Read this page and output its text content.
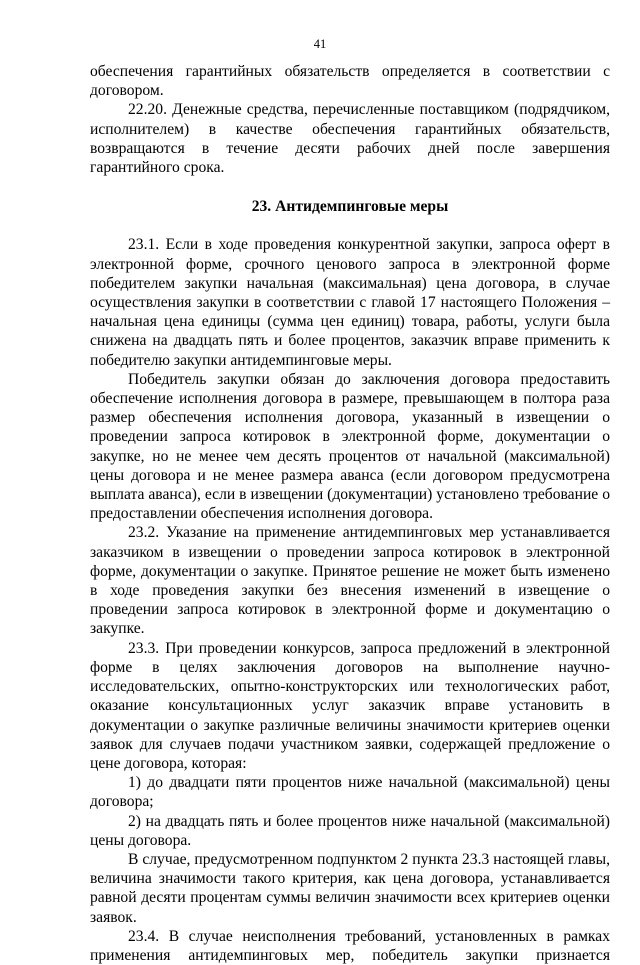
41

обеспечения гарантийных обязательств определяется в соответствии с договором.

22.20. Денежные средства, перечисленные поставщиком (подрядчиком, исполнителем) в качестве обеспечения гарантийных обязательств, возвращаются в течение десяти рабочих дней после завершения гарантийного срока.

23. Антидемпинговые меры

23.1. Если в ходе проведения конкурентной закупки, запроса оферт в электронной форме, срочного ценового запроса в электронной форме победителем закупки начальная (максимальная) цена договора, в случае осуществления закупки в соответствии с главой 17 настоящего Положения – начальная цена единицы (сумма цен единиц) товара, работы, услуги была снижена на двадцать пять и более процентов, заказчик вправе применить к победителю закупки антидемпинговые меры.

Победитель закупки обязан до заключения договора предоставить обеспечение исполнения договора в размере, превышающем в полтора раза размер обеспечения исполнения договора, указанный в извещении о проведении запроса котировок в электронной форме, документации о закупке, но не менее чем десять процентов от начальной (максимальной) цены договора и не менее размера аванса (если договором предусмотрена выплата аванса), если в извещении (документации) установлено требование о предоставлении обеспечения исполнения договора.

23.2. Указание на применение антидемпинговых мер устанавливается заказчиком в извещении о проведении запроса котировок в электронной форме, документации о закупке. Принятое решение не может быть изменено в ходе проведения закупки без внесения изменений в извещение о проведении запроса котировок в электронной форме и документацию о закупке.

23.3. При проведении конкурсов, запроса предложений в электронной форме в целях заключения договоров на выполнение научно-исследовательских, опытно-конструкторских или технологических работ, оказание консультационных услуг заказчик вправе установить в документации о закупке различные величины значимости критериев оценки заявок для случаев подачи участником заявки, содержащей предложение о цене договора, которая:

1) до двадцати пяти процентов ниже начальной (максимальной) цены договора;

2) на двадцать пять и более процентов ниже начальной (максимальной) цены договора.

В случае, предусмотренном подпунктом 2 пункта 23.3 настоящей главы, величина значимости такого критерия, как цена договора, устанавливается равной десяти процентам суммы величин значимости всех критериев оценки заявок.

23.4. В случае неисполнения требований, установленных в рамках применения антидемпинговых мер, победитель закупки признается
